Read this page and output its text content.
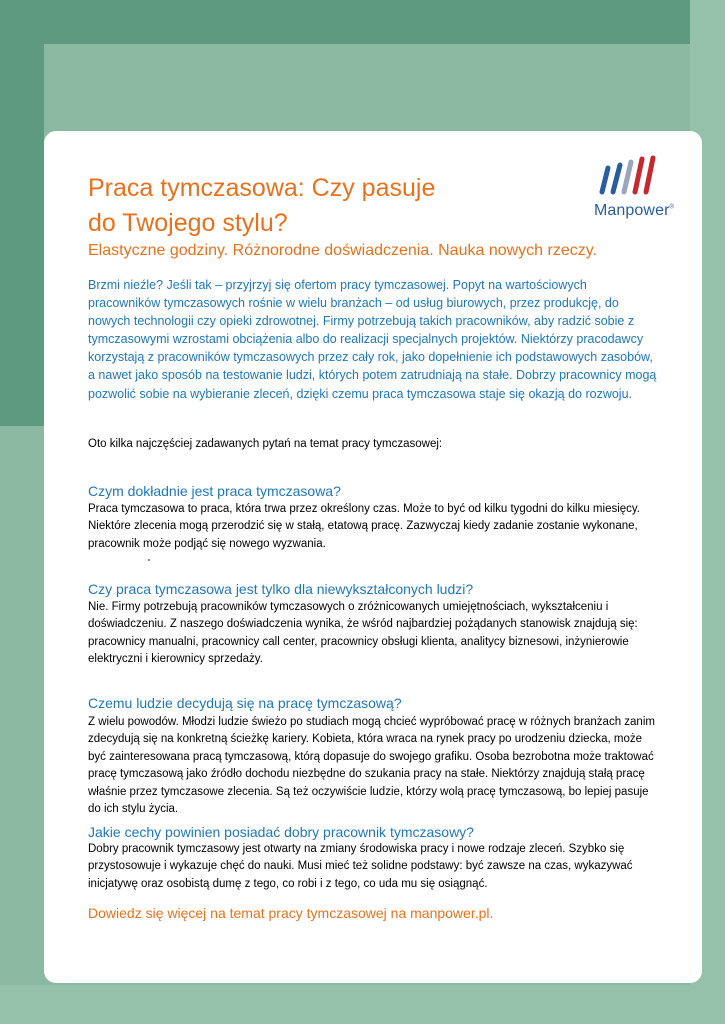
Manpower®
Praca tymczasowa: Czy pasuje
do Twojego stylu?

Elastyczne godziny. Różnorodne doświadczenia. Nauka nowych rzeczy.

Brzmi nieźle? Jeśli tak – przyjrzyj się ofertom pracy tymczasowej. Popyt na wartościowych pracowników tymczasowych rośnie w wielu branżach – od usług biurowych, przez produkcję, do nowych technologii czy opieki zdrowotnej. Firmy potrzebują takich pracowników, aby radzić sobie z tymczasowymi wzrostami obciążenia albo do realizacji specjalnych projektów. Niektórzy pracodawcy korzystają z pracowników tymczasowych przez cały rok, jako dopełnienie ich podstawowych zasobów, a nawet jako sposób na testowanie ludzi, których potem zatrudniają na stałe. Dobrzy pracownicy mogą pozwolić sobie na wybieranie zleceń, dzięki czemu praca tymczasowa staje się okazją do rozwoju.

Oto kilka najczęściej zadawanych pytań na temat pracy tymczasowej:

Czym dokładnie jest praca tymczasowa?

Praca tymczasowa to praca, która trwa przez określony czas. Może to być od kilku tygodni do kilku miesięcy. Niektóre zlecenia mogą przerodzić się w stałą, etatową pracę. Zazwyczaj kiedy zadanie zostanie wykonane, pracownik może podjąć się nowego wyzwania.

Czy praca tymczasowa jest tylko dla niewykształconych ludzi?

Nie. Firmy potrzebują pracowników tymczasowych o zróżnicowanych umiejętnościach, wykształceniu i doświadczeniu. Z naszego doświadczenia wynika, że wśród najbardziej pożądanych stanowisk znajdują się: pracownicy manualni, pracownicy call center, pracownicy obsługi klienta, analitycy biznesowi, inżynierowie elektryczni i kierownicy sprzedaży.

Czemu ludzie decydują się na pracę tymczasową?

Z wielu powodów. Młodzi ludzie świeżo po studiach mogą chcieć wypróbować pracę w różnych branżach zanim zdecydują się na konkretną ścieżkę kariery. Kobieta, która wraca na rynek pracy po urodzeniu dziecka, może być zainteresowana pracą tymczasową, którą dopasuje do swojego grafiku. Osoba bezrobotna może traktować pracę tymczasową jako źródło dochodu niezbędne do szukania pracy na stałe. Niektórzy znajdują stałą pracę właśnie przez tymczasowe zlecenia. Są też oczywiście ludzie, którzy wolą pracę tymczasową, bo lepiej pasuje do ich stylu życia.

Jakie cechy powinien posiadać dobry pracownik tymczasowy?

Dobry pracownik tymczasowy jest otwarty na zmiany środowiska pracy i nowe rodzaje zleceń. Szybko się przystosowuje i wykazuje chęć do nauki. Musi mieć też solidne podstawy: być zawsze na czas, wykazywać inicjatywę oraz osobistą dumę z tego, co robi i z tego, co uda mu się osiągnąć.

Dowiedz się więcej na temat pracy tymczasowej na manpower.pl.
